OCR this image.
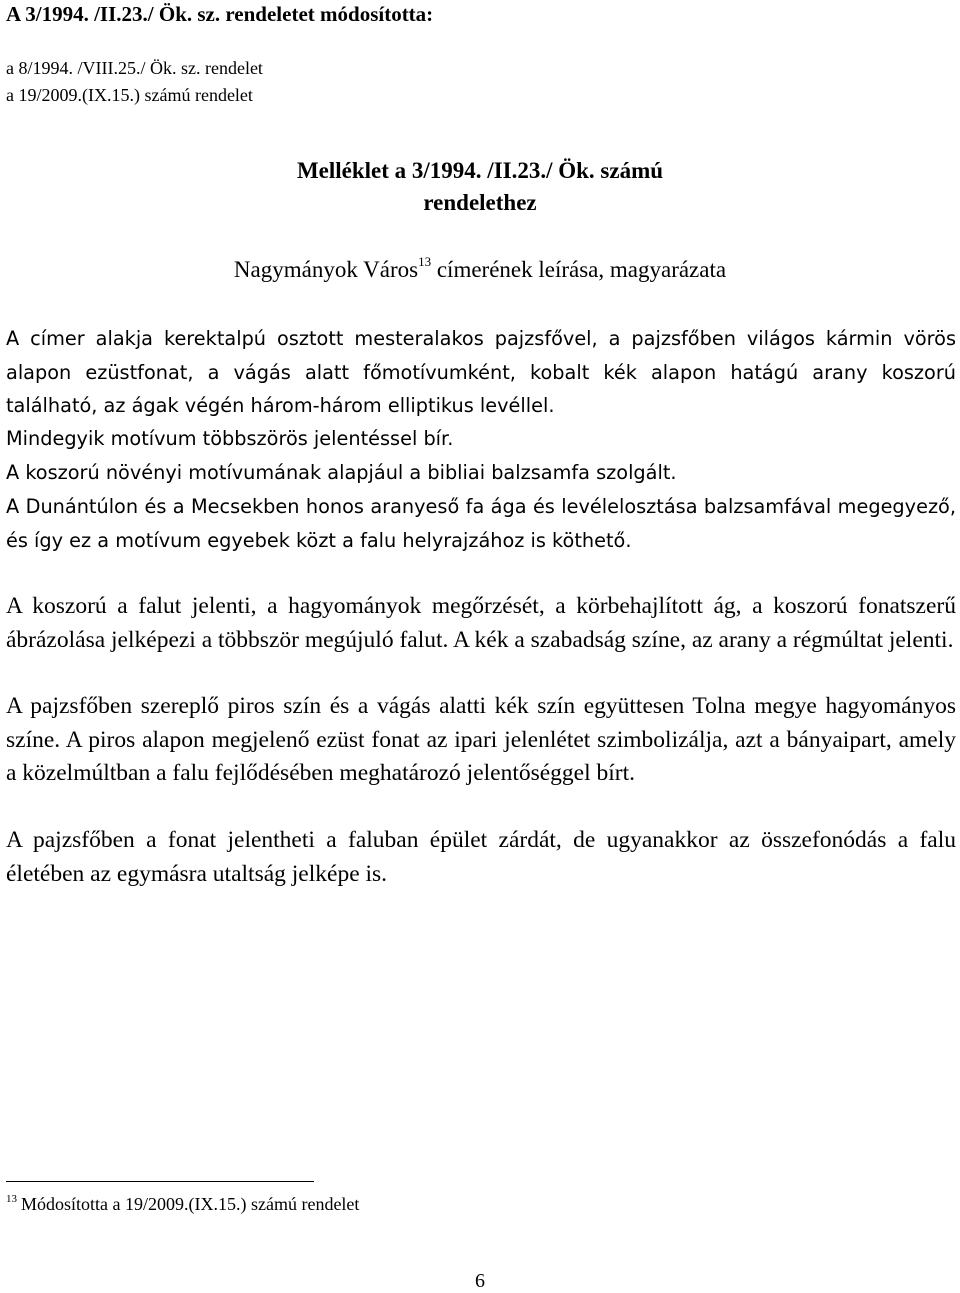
A 3/1994. /II.23./ Ök. sz. rendeletet módosította:
a 8/1994. /VIII.25./ Ök. sz. rendelet
a 19/2009.(IX.15.) számú rendelet
Melléklet a 3/1994. /II.23./ Ök. számú
rendelethez
Nagymányok Város$^{13}$ címerének leírása, magyarázata

A címer alakja kerektalpú osztott mesteralakos pajzsfővel, a pajzsfőben világos kármin vörös alapon ezüstfonat, a vágás alatt főmotívumként, kobalt kék alapon hatágú arany koszorú található, az ágak végén három-három elliptikus levéllel.

Mindegyik motívum többszörös jelentéssel bír.

A koszorú növényi motívumának alapjául a bibliai balzsamfa szolgált.

A Dunántúlon és a Mecsekben honos aranyeső fa ága és levélelosztása balzsamfával megegyező, és így ez a motívum egyebek közt a falu helyrajzához is köthető.

A koszorú a falut jelenti, a hagyományok megőrzését, a körbehajlított ág, a koszorú fonatszerű ábrázolása jelképezi a többször megújuló falut. A kék a szabadság színe, az arany a régmúltat jelenti.

A pajzsfőben szereplő piros szín és a vágás alatti kék szín együttesen Tolna megye hagyományos színe. A piros alapon megjelenő ezüst fonat az ipari jelenlétet szimbolizálja, azt a bányaipart, amely a közelmúltban a falu fejlődésében meghatározó jelentőséggel bírt.

A pajzsfőben a fonat jelentheti a faluban épület zárdát, de ugyanakkor az összefonódás a falu életében az egymásra utaltság jelképe is.

$^{13}$ Módosította a 19/2009.(IX.15.) számú rendelet
6
